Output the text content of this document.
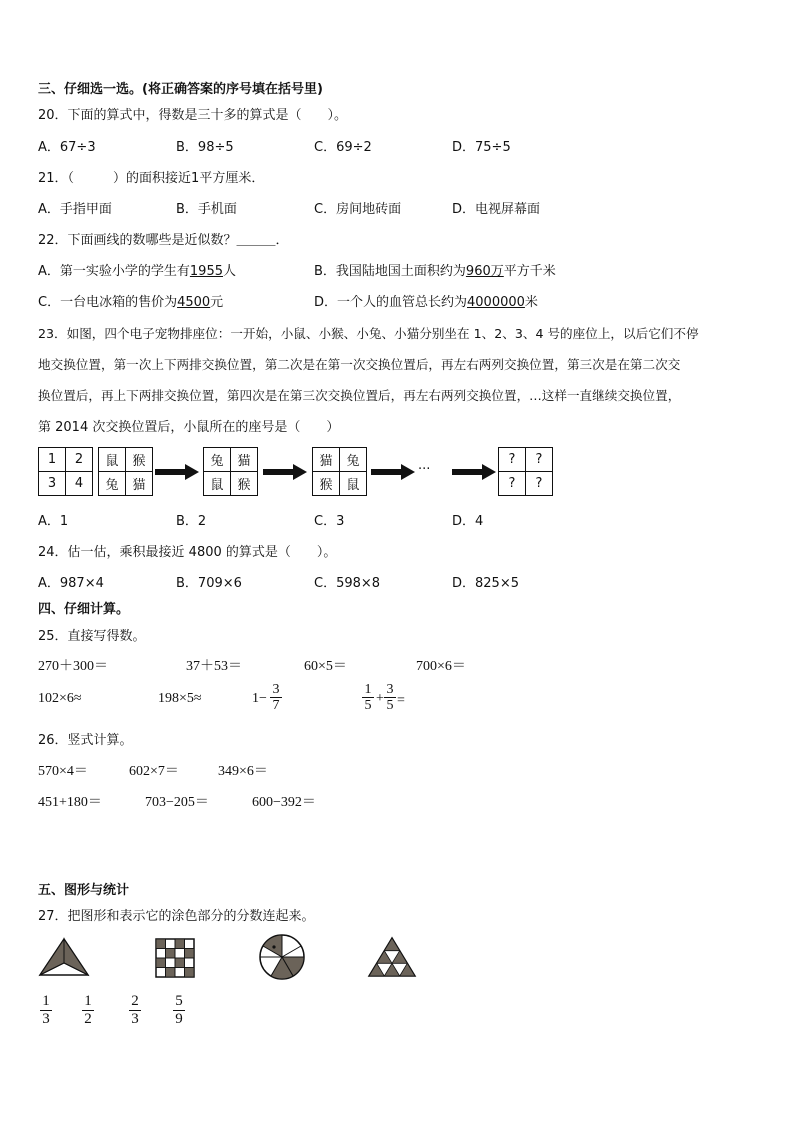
三、仔细选一选。(将正确答案的序号填在括号里)
20．下面的算式中，得数是三十多的算式是（　　）。
A．67÷3	B．98÷5	C．69÷2	D．75÷5
21．（　　　）的面积接近1平方厘米．
A．手指甲面	B．手机面	C．房间地砖面	D．电视屏幕面
22．下面画线的数哪些是近似数？＿＿＿．
A．第一实验小学的学生有1955人	B．我国陆地国土面积约为960万平方千米
C．一台电冰箱的售价为4500元	D．一个人的血管总长约为4000000米
23．如图，四个电子宠物排座位：一开始，小鼠、小猴、小兔、小猫分别坐在 1、2、3、4 号的座位上，以后它们不停
地交换位置，第一次上下两排交换位置，第二次是在第一次交换位置后，再左右两列交换位置，第三次是在第二次交
换位置后，再上下两排交换位置，第四次是在第三次交换位置后，再左右两列交换位置，…这样一直继续交换位置，
第 2014 次交换位置后，小鼠所在的座号是（　　）
1	2
3	4
鼠	猴
兔	猫
兔	猫
鼠	猴
猫	兔
猴	鼠
···
?	?
?	?
A．1	B．2	C．3	D．4
24．估一估，乘积最接近 4800 的算式是（　　）。
A．987×4	B．709×6	C．598×8	D．825×5
四、仔细计算。
25．直接写得数。
270＋300＝	37＋53＝	60×5＝	700×6＝
102×6≈	198×5≈	1−
3
7
1
5 +
3
5 =
26．竖式计算。
570×4＝	602×7＝	349×6＝
451+180＝	703−205＝	600−392＝
五、图形与统计
27．把图形和表示它的涂色部分的分数连起来。
1
3
1
2
2
3
5
9
